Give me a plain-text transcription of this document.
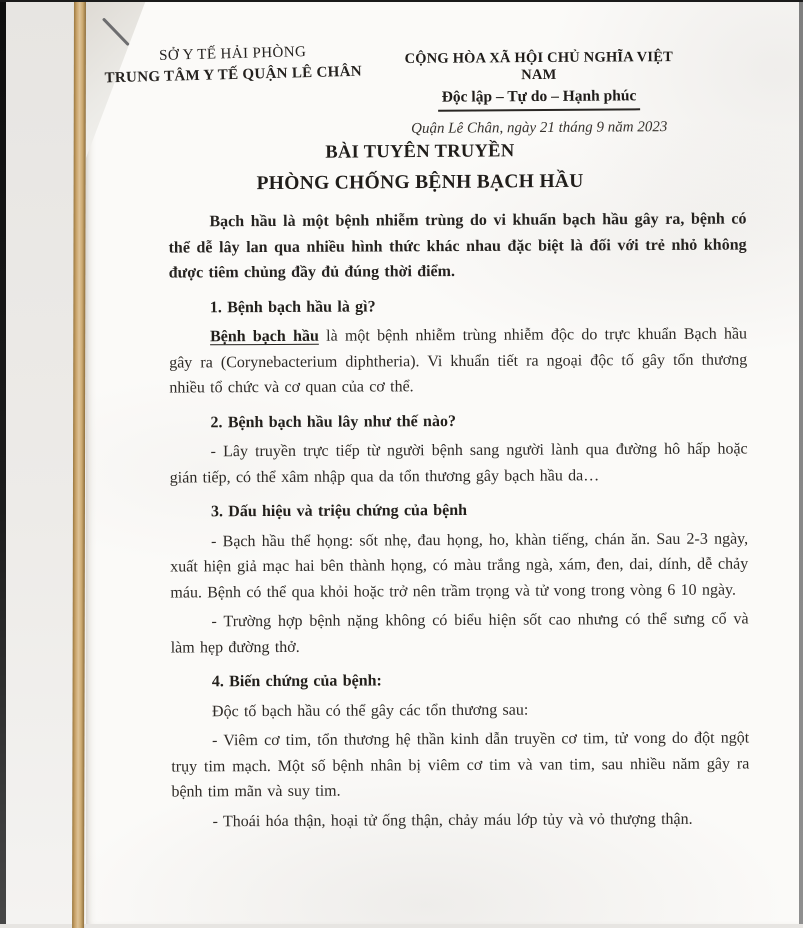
SỞ Y TẾ HẢI PHÒNG
TRUNG TÂM Y TẾ QUẬN LÊ CHÂN
CỘNG HÒA XÃ HỘI CHỦ NGHĨA VIỆT NAM
Độc lập – Tự do – Hạnh phúc
Quận Lê Chân, ngày 21 tháng 9 năm 2023
BÀI TUYÊN TRUYỀN
PHÒNG CHỐNG BỆNH BẠCH HẦU

Bạch hầu là một bệnh nhiễm trùng do vi khuẩn bạch hầu gây ra, bệnh có thể dễ lây lan qua nhiều hình thức khác nhau đặc biệt là đối với trẻ nhỏ không được tiêm chủng đầy đủ đúng thời điểm.

1. Bệnh bạch hầu là gì?

Bệnh bạch hầu là một bệnh nhiễm trùng nhiễm độc do trực khuẩn Bạch hầu gây ra (Corynebacterium diphtheria). Vi khuẩn tiết ra ngoại độc tố gây tổn thương nhiều tổ chức và cơ quan của cơ thể.

2. Bệnh bạch hầu lây như thế nào?

- Lây truyền trực tiếp từ người bệnh sang người lành qua đường hô hấp hoặc gián tiếp, có thể xâm nhập qua da tổn thương gây bạch hầu da…

3. Dấu hiệu và triệu chứng của bệnh

- Bạch hầu thể họng: sốt nhẹ, đau họng, ho, khàn tiếng, chán ăn. Sau 2-3 ngày, xuất hiện giả mạc hai bên thành họng, có màu trắng ngà, xám, đen, dai, dính, dễ chảy máu. Bệnh có thể qua khỏi hoặc trở nên trầm trọng và tử vong trong vòng 6 10 ngày.

- Trường hợp bệnh nặng không có biểu hiện sốt cao nhưng có thể sưng cổ và làm hẹp đường thở.

4. Biến chứng của bệnh:

Độc tố bạch hầu có thể gây các tổn thương sau:

- Viêm cơ tim, tổn thương hệ thần kinh dẫn truyền cơ tim, tử vong do đột ngột trụy tim mạch. Một số bệnh nhân bị viêm cơ tim và van tim, sau nhiều năm gây ra bệnh tim mãn và suy tim.

- Thoái hóa thận, hoại tử ống thận, chảy máu lớp tủy và vỏ thượng thận.
